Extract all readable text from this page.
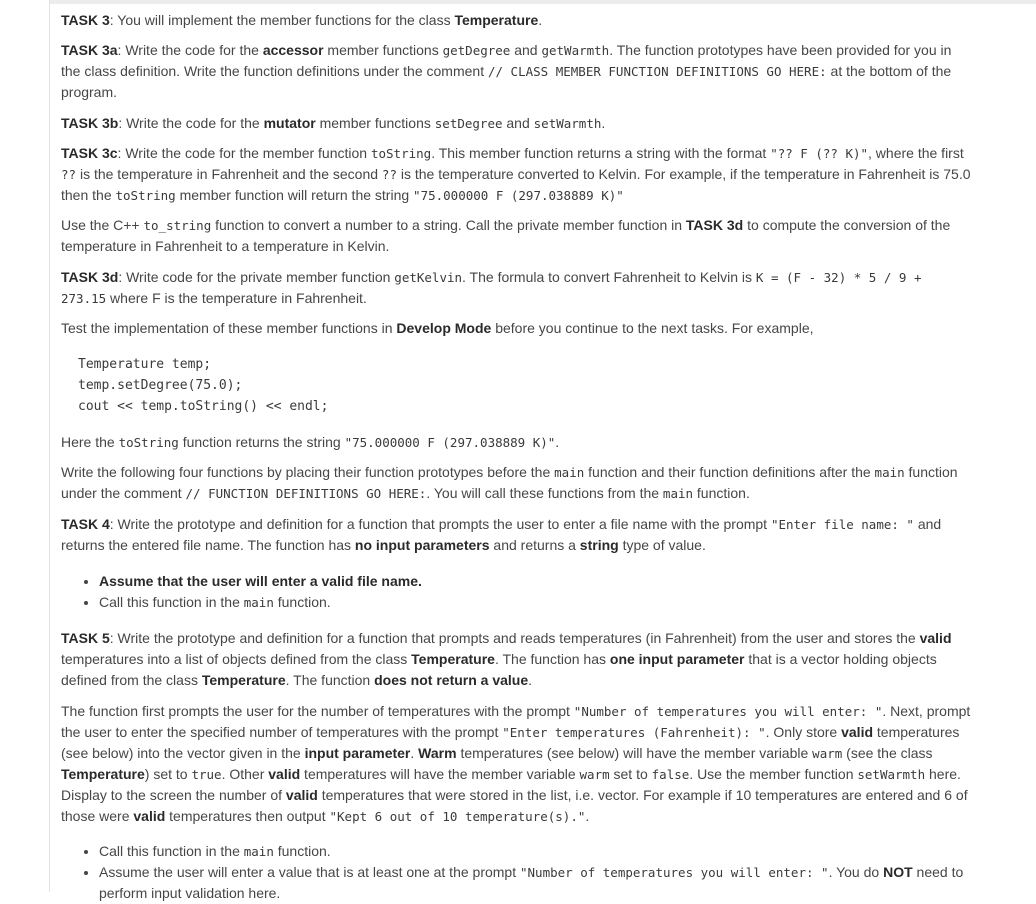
TASK 3: You will implement the member functions for the class Temperature.

TASK 3a: Write the code for the accessor member functions getDegree and getWarmth. The function prototypes have been provided for you in the class definition. Write the function definitions under the comment // CLASS MEMBER FUNCTION DEFINITIONS GO HERE: at the bottom of the program.

TASK 3b: Write the code for the mutator member functions setDegree and setWarmth.

TASK 3c: Write the code for the member function toString. This member function returns a string with the format "?? F (?? K)", where the first ?? is the temperature in Fahrenheit and the second ?? is the temperature converted to Kelvin. For example, if the temperature in Fahrenheit is 75.0 then the toString member function will return the string "75.000000 F (297.038889 K)"

Use the C++ to_string function to convert a number to a string. Call the private member function in TASK 3d to compute the conversion of the temperature in Fahrenheit to a temperature in Kelvin.

TASK 3d: Write code for the private member function getKelvin. The formula to convert Fahrenheit to Kelvin is K = (F - 32) * 5 / 9 + 273.15 where F is the temperature in Fahrenheit.

Test the implementation of these member functions in Develop Mode before you continue to the next tasks. For example,

Temperature temp;
temp.setDegree(75.0);
cout << temp.toString() << endl;

Here the toString function returns the string "75.000000 F (297.038889 K)".

Write the following four functions by placing their function prototypes before the main function and their function definitions after the main function under the comment // FUNCTION DEFINITIONS GO HERE:. You will call these functions from the main function.

TASK 4: Write the prototype and definition for a function that prompts the user to enter a file name with the prompt "Enter file name: " and returns the entered file name. The function has no input parameters and returns a string type of value.

• Assume that the user will enter a valid file name.
• Call this function in the main function.

TASK 5: Write the prototype and definition for a function that prompts and reads temperatures (in Fahrenheit) from the user and stores the valid temperatures into a list of objects defined from the class Temperature. The function has one input parameter that is a vector holding objects defined from the class Temperature. The function does not return a value.

The function first prompts the user for the number of temperatures with the prompt "Number of temperatures you will enter: ". Next, prompt the user to enter the specified number of temperatures with the prompt "Enter temperatures (Fahrenheit): ". Only store valid temperatures (see below) into the vector given in the input parameter. Warm temperatures (see below) will have the member variable warm (see the class Temperature) set to true. Other valid temperatures will have the member variable warm set to false. Use the member function setWarmth here. Display to the screen the number of valid temperatures that were stored in the list, i.e. vector. For example if 10 temperatures are entered and 6 of those were valid temperatures then output "Kept 6 out of 10 temperature(s).".

• Call this function in the main function.
• Assume the user will enter a value that is at least one at the prompt "Number of temperatures you will enter: ". You do NOT need to perform input validation here.
